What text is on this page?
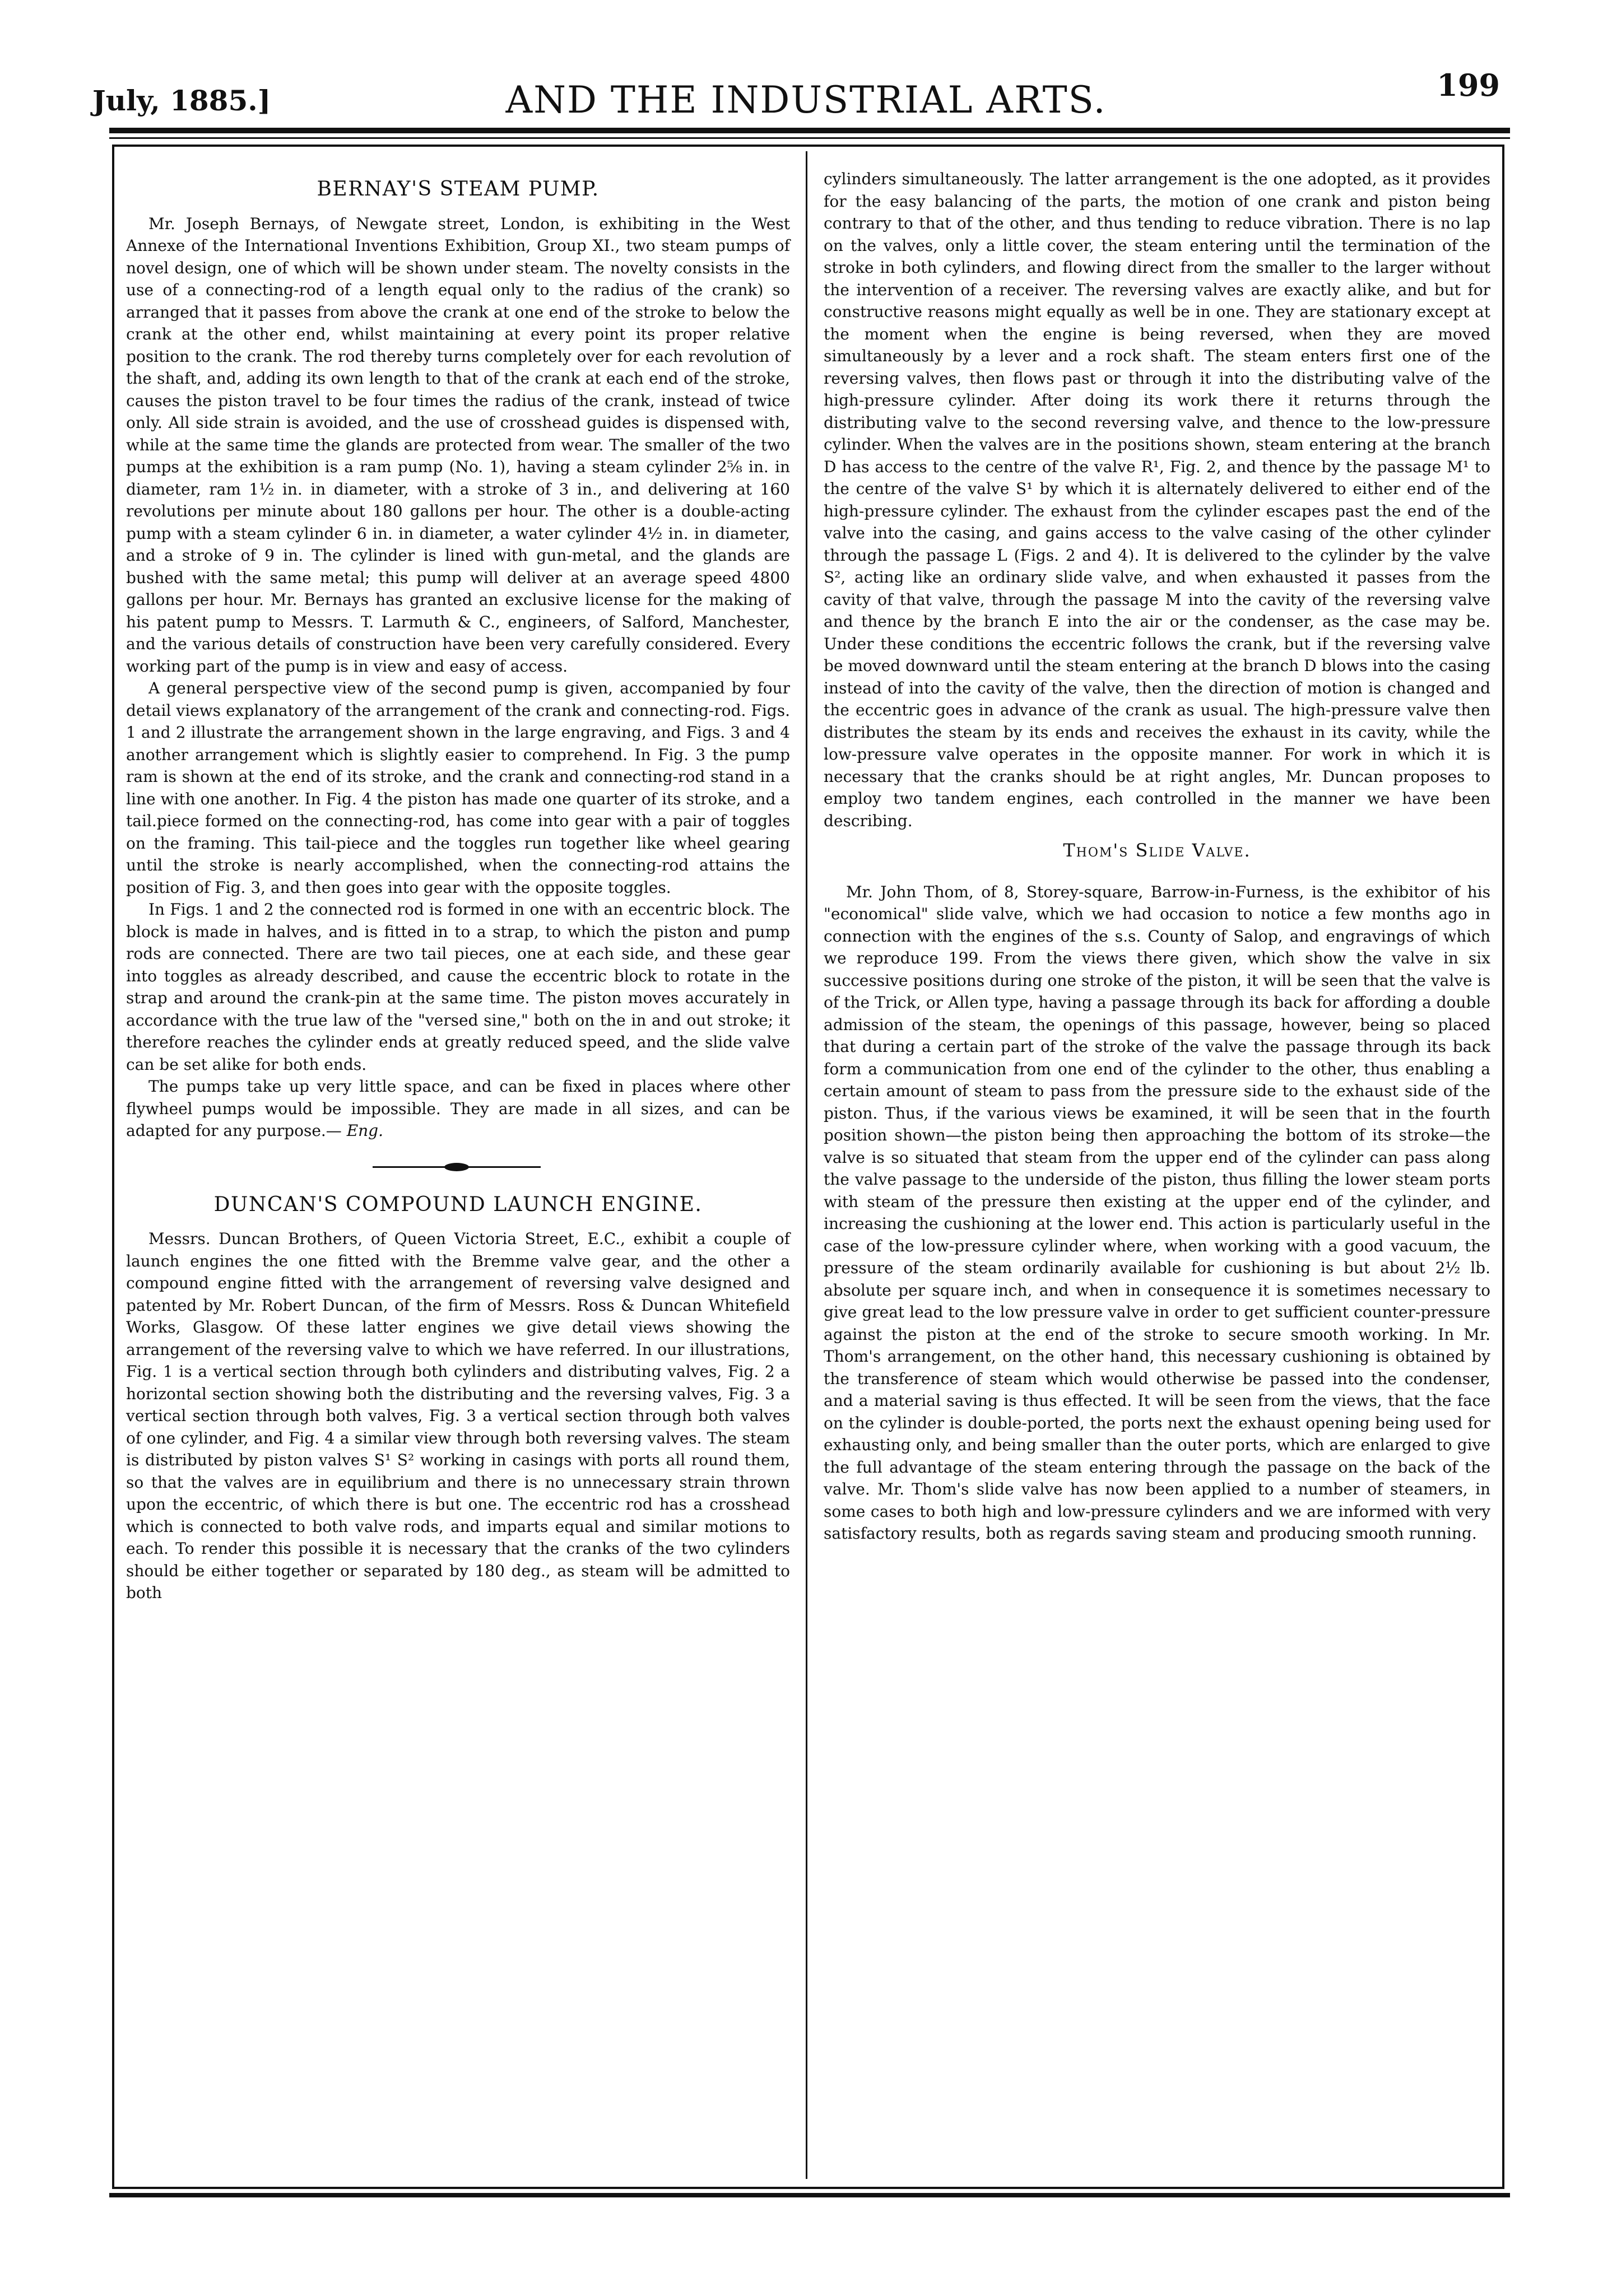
July, 1885.]	AND THE INDUSTRIAL ARTS.	199
BERNAY'S STEAM PUMP.

Mr. Joseph Bernays, of Newgate street, London, is exhibiting in the West Annexe of the International Inventions Exhibition, Group XI., two steam pumps of novel design, one of which will be shown under steam. The novelty consists in the use of a connecting-rod of a length equal only to the radius of the crank) so arranged that it passes from above the crank at one end of the stroke to below the crank at the other end, whilst maintaining at every point its proper relative position to the crank. The rod thereby turns completely over for each revolution of the shaft, and, adding its own length to that of the crank at each end of the stroke, causes the piston travel to be four times the radius of the crank, instead of twice only. All side strain is avoided, and the use of crosshead guides is dispensed with, while at the same time the glands are protected from wear. The smaller of the two pumps at the exhibition is a ram pump (No. 1), having a steam cylinder 2⅝ in. in diameter, ram 1½ in. in diameter, with a stroke of 3 in., and delivering at 160 revolutions per minute about 180 gallons per hour. The other is a double-acting pump with a steam cylinder 6 in. in diameter, a water cylinder 4½ in. in diameter, and a stroke of 9 in. The cylinder is lined with gun-metal, and the glands are bushed with the same metal; this pump will deliver at an average speed 4800 gallons per hour. Mr. Bernays has granted an exclusive license for the making of his patent pump to Messrs. T. Larmuth & C., engineers, of Salford, Manchester, and the various details of construction have been very carefully considered. Every working part of the pump is in view and easy of access.

A general perspective view of the second pump is given, accompanied by four detail views explanatory of the arrangement of the crank and connecting-rod. Figs. 1 and 2 illustrate the arrangement shown in the large engraving, and Figs. 3 and 4 another arrangement which is slightly easier to comprehend. In Fig. 3 the pump ram is shown at the end of its stroke, and the crank and connecting-rod stand in a line with one another. In Fig. 4 the piston has made one quarter of its stroke, and a tail.piece formed on the connecting-rod, has come into gear with a pair of toggles on the framing. This tail-piece and the toggles run together like wheel gearing until the stroke is nearly accomplished, when the connecting-rod attains the position of Fig. 3, and then goes into gear with the opposite toggles.

In Figs. 1 and 2 the connected rod is formed in one with an eccentric block. The block is made in halves, and is fitted in to a strap, to which the piston and pump rods are connected. There are two tail pieces, one at each side, and these gear into toggles as already described, and cause the eccentric block to rotate in the strap and around the crank-pin at the same time. The piston moves accurately in accordance with the true law of the "versed sine," both on the in and out stroke; it therefore reaches the cylinder ends at greatly reduced speed, and the slide valve can be set alike for both ends.

The pumps take up very little space, and can be fixed in places where other flywheel pumps would be impossible. They are made in all sizes, and can be adapted for any purpose.— Eng.

DUNCAN'S COMPOUND LAUNCH ENGINE.

Messrs. Duncan Brothers, of Queen Victoria Street, E.C., exhibit a couple of launch engines the one fitted with the Bremme valve gear, and the other a compound engine fitted with the arrangement of reversing valve designed and patented by Mr. Robert Duncan, of the firm of Messrs. Ross & Duncan Whitefield Works, Glasgow. Of these latter engines we give detail views showing the arrangement of the reversing valve to which we have referred. In our illustrations, Fig. 1 is a vertical section through both cylinders and distributing valves, Fig. 2 a horizontal section showing both the distributing and the reversing valves, Fig. 3 a vertical section through both valves, Fig. 3 a vertical section through both valves of one cylinder, and Fig. 4 a similar view through both reversing valves. The steam is distributed by piston valves S¹ S² working in casings with ports all round them, so that the valves are in equilibrium and there is no unnecessary strain thrown upon the eccentric, of which there is but one. The eccentric rod has a crosshead which is connected to both valve rods, and imparts equal and similar motions to each. To render this possible it is necessary that the cranks of the two cylinders should be either together or separated by 180 deg., as steam will be admitted to both

cylinders simultaneously. The latter arrangement is the one adopted, as it provides for the easy balancing of the parts, the motion of one crank and piston being contrary to that of the other, and thus tending to reduce vibration. There is no lap on the valves, only a little cover, the steam entering until the termination of the stroke in both cylinders, and flowing direct from the smaller to the larger without the intervention of a receiver. The reversing valves are exactly alike, and but for constructive reasons might equally as well be in one. They are stationary except at the moment when the engine is being reversed, when they are moved simultaneously by a lever and a rock shaft. The steam enters first one of the reversing valves, then flows past or through it into the distributing valve of the high-pressure cylinder. After doing its work there it returns through the distributing valve to the second reversing valve, and thence to the low-pressure cylinder. When the valves are in the positions shown, steam entering at the branch D has access to the centre of the valve R¹, Fig. 2, and thence by the passage M¹ to the centre of the valve S¹ by which it is alternately delivered to either end of the high-pressure cylinder. The exhaust from the cylinder escapes past the end of the valve into the casing, and gains access to the valve casing of the other cylinder through the passage L (Figs. 2 and 4). It is delivered to the cylinder by the valve S², acting like an ordinary slide valve, and when exhausted it passes from the cavity of that valve, through the passage M into the cavity of the reversing valve and thence by the branch E into the air or the condenser, as the case may be. Under these conditions the eccentric follows the crank, but if the reversing valve be moved downward until the steam entering at the branch D blows into the casing instead of into the cavity of the valve, then the direction of motion is changed and the eccentric goes in advance of the crank as usual. The high-pressure valve then distributes the steam by its ends and receives the exhaust in its cavity, while the low-pressure valve operates in the opposite manner. For work in which it is necessary that the cranks should be at right angles, Mr. Duncan proposes to employ two tandem engines, each controlled in the manner we have been describing.

Thom's Slide Valve.

Mr. John Thom, of 8, Storey-square, Barrow-in-Furness, is the exhibitor of his "economical" slide valve, which we had occasion to notice a few months ago in connection with the engines of the s.s. County of Salop, and engravings of which we reproduce 199. From the views there given, which show the valve in six successive positions during one stroke of the piston, it will be seen that the valve is of the Trick, or Allen type, having a passage through its back for affording a double admission of the steam, the openings of this passage, however, being so placed that during a certain part of the stroke of the valve the passage through its back form a communication from one end of the cylinder to the other, thus enabling a certain amount of steam to pass from the pressure side to the exhaust side of the piston. Thus, if the various views be examined, it will be seen that in the fourth position shown—the piston being then approaching the bottom of its stroke—the valve is so situated that steam from the upper end of the cylinder can pass along the valve passage to the underside of the piston, thus filling the lower steam ports with steam of the pressure then existing at the upper end of the cylinder, and increasing the cushioning at the lower end. This action is particularly useful in the case of the low-pressure cylinder where, when working with a good vacuum, the pressure of the steam ordinarily available for cushioning is but about 2½ lb. absolute per square inch, and when in consequence it is sometimes necessary to give great lead to the low pressure valve in order to get sufficient counter-pressure against the piston at the end of the stroke to secure smooth working. In Mr. Thom's arrangement, on the other hand, this necessary cushioning is obtained by the transference of steam which would otherwise be passed into the condenser, and a material saving is thus effected. It will be seen from the views, that the face on the cylinder is double-ported, the ports next the exhaust opening being used for exhausting only, and being smaller than the outer ports, which are enlarged to give the full advantage of the steam entering through the passage on the back of the valve. Mr. Thom's slide valve has now been applied to a number of steamers, in some cases to both high and low-pressure cylinders and we are informed with very satisfactory results, both as regards saving steam and producing smooth running.
